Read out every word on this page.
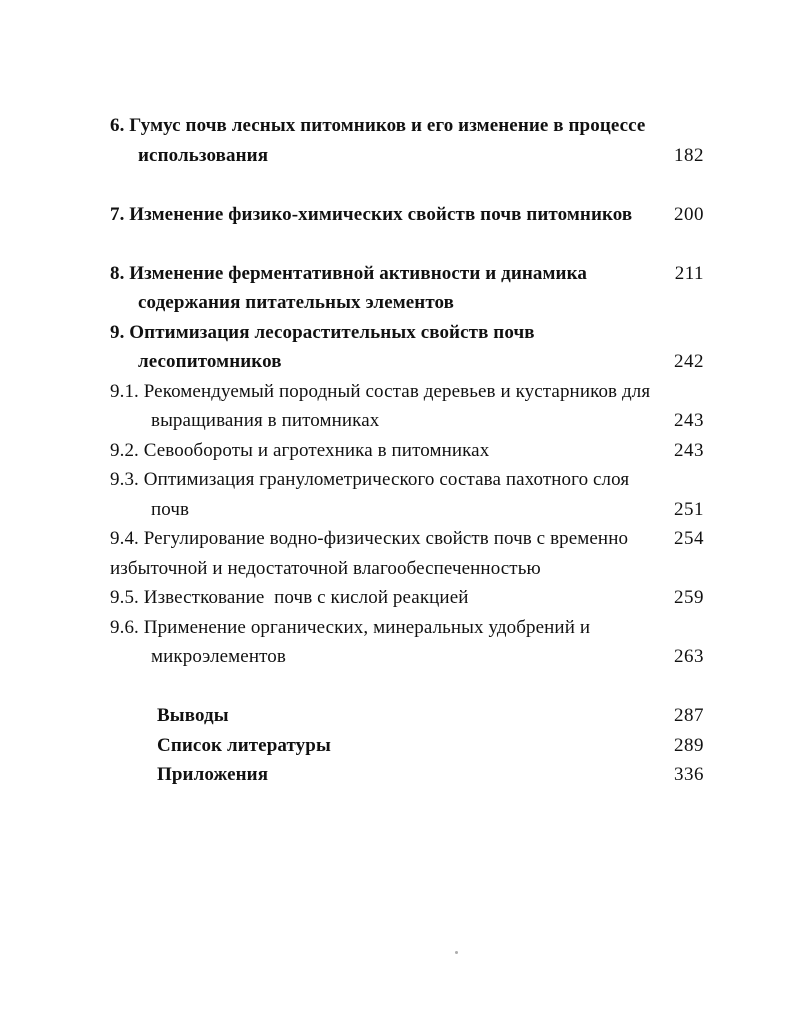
6. Гумус почв лесных питомников и его изменение в процессе
использования	182
7. Изменение физико-химических свойств почв питомников 200
8. Изменение ферментативной активности и динамика	211
содержания питательных элементов
9. Оптимизация лесорастительных свойств почв
лесопитомников	242
9.1. Рекомендуемый породный состав деревьев и кустарников для
выращивания в питомниках	243
9.2. Севообороты и агротехника в питомниках	243
9.3. Оптимизация гранулометрического состава пахотного слоя
почв	251
9.4. Регулирование водно-физических свойств почв с временно 254
избыточной и недостаточной влагообеспеченностью
9.5. Известкование  почв с кислой реакцией	259
9.6. Применение органических, минеральных удобрений и
микроэлементов	263
Выводы	287
Список литературы	289
Приложения	336
